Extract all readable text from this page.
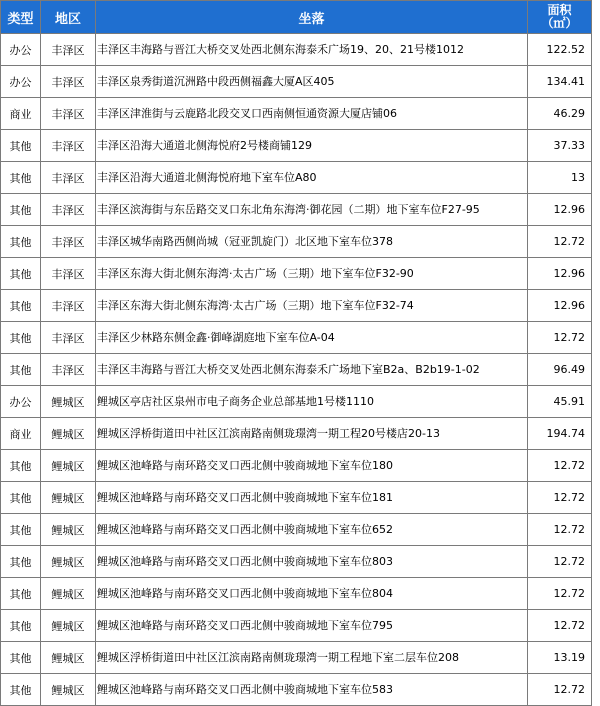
类型	地区	坐落	面积
（㎡）
办公	丰泽区	丰泽区丰海路与晋江大桥交叉处西北侧东海泰禾广场19、20、21号楼1012	122.52
办公	丰泽区	丰泽区泉秀街道沉洲路中段西侧福鑫大厦A区405	134.41
商业	丰泽区	丰泽区津淮街与云鹿路北段交叉口西南侧恒通资源大厦店铺06	46.29
其他	丰泽区	丰泽区沿海大通道北侧海悦府2号楼商铺129	37.33
其他	丰泽区	丰泽区沿海大通道北侧海悦府地下室车位A80	13
其他	丰泽区	丰泽区滨海街与东岳路交叉口东北角东海湾·御花园（二期）地下室车位F27-95	12.96
其他	丰泽区	丰泽区城华南路西侧尚城（冠亚凯旋门）北区地下室车位378	12.72
其他	丰泽区	丰泽区东海大街北侧东海湾·太古广场（三期）地下室车位F32-90	12.96
其他	丰泽区	丰泽区东海大街北侧东海湾·太古广场（三期）地下室车位F32-74	12.96
其他	丰泽区	丰泽区少林路东侧金鑫·御峰湖庭地下室车位A-04	12.72
其他	丰泽区	丰泽区丰海路与晋江大桥交叉处西北侧东海泰禾广场地下室B2a、B2b19-1-02	96.49
办公	鲤城区	鲤城区亭店社区泉州市电子商务企业总部基地1号楼1110	45.91
商业	鲤城区	鲤城区浮桥街道田中社区江滨南路南侧珑璟湾一期工程20号楼店20-13	194.74
其他	鲤城区	鲤城区池峰路与南环路交叉口西北侧中骏商城地下室车位180	12.72
其他	鲤城区	鲤城区池峰路与南环路交叉口西北侧中骏商城地下室车位181	12.72
其他	鲤城区	鲤城区池峰路与南环路交叉口西北侧中骏商城地下室车位652	12.72
其他	鲤城区	鲤城区池峰路与南环路交叉口西北侧中骏商城地下室车位803	12.72
其他	鲤城区	鲤城区池峰路与南环路交叉口西北侧中骏商城地下室车位804	12.72
其他	鲤城区	鲤城区池峰路与南环路交叉口西北侧中骏商城地下室车位795	12.72
其他	鲤城区	鲤城区浮桥街道田中社区江滨南路南侧珑璟湾一期工程地下室二层车位208	13.19
其他	鲤城区	鲤城区池峰路与南环路交叉口西北侧中骏商城地下室车位583	12.72
